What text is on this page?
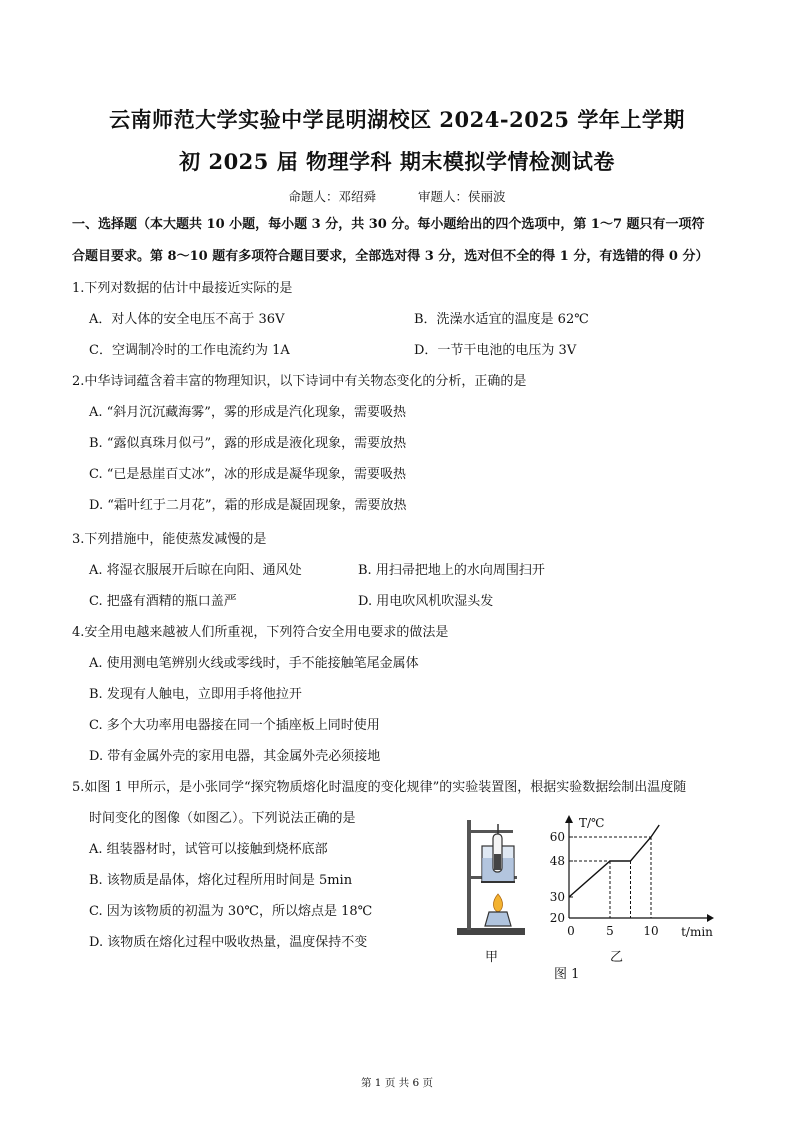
云南师范大学实验中学昆明湖校区 2024-2025 学年上学期
初 2025 届 物理学科 期末模拟学情检测试卷
命题人：邓绍舜	审题人：侯丽波
一、选择题（本大题共 10 小题，每小题 3 分，共 30 分。每小题给出的四个选项中，第 1～7 题只有一项符
合题目要求。第 8～10 题有多项符合题目要求，全部选对得 3 分，选对但不全的得 1 分，有选错的得 0 分）
1.下列对数据的估计中最接近实际的是
A．对人体的安全电压不高于 36V	B．洗澡水适宜的温度是 62℃
C．空调制冷时的工作电流约为 1A	D．一节干电池的电压为 3V
2.中华诗词蕴含着丰富的物理知识，以下诗词中有关物态变化的分析，正确的是
A. “斜月沉沉藏海雾”，雾的形成是汽化现象，需要吸热
B. “露似真珠月似弓”，露的形成是液化现象，需要放热
C. “已是悬崖百丈冰”，冰的形成是凝华现象，需要吸热
D. “霜叶红于二月花”，霜的形成是凝固现象，需要放热
3.下列措施中，能使蒸发减慢的是
A. 将湿衣服展开后晾在向阳、通风处	B. 用扫帚把地上的水向周围扫开
C. 把盛有酒精的瓶口盖严	D. 用电吹风机吹湿头发
4.安全用电越来越被人们所重视，下列符合安全用电要求的做法是
A. 使用测电笔辨别火线或零线时，手不能接触笔尾金属体
B. 发现有人触电，立即用手将他拉开
C. 多个大功率用电器接在同一个插座板上同时使用
D. 带有金属外壳的家用电器，其金属外壳必须接地
5.如图 1 甲所示，是小张同学“探究物质熔化时温度的变化规律”的实验装置图，根据实验数据绘制出温度随
时间变化的图像（如图乙）。下列说法正确的是
A. 组装器材时，试管可以接触到烧杯底部
B. 该物质是晶体，熔化过程所用时间是 5min
C. 因为该物质的初温为 30℃，所以熔点是 18℃
D. 该物质在熔化过程中吸收热量，温度保持不变
甲
T/℃
t/min
20
30
48
60
0	5 10
乙
图 1
第 1 页 共 6 页
